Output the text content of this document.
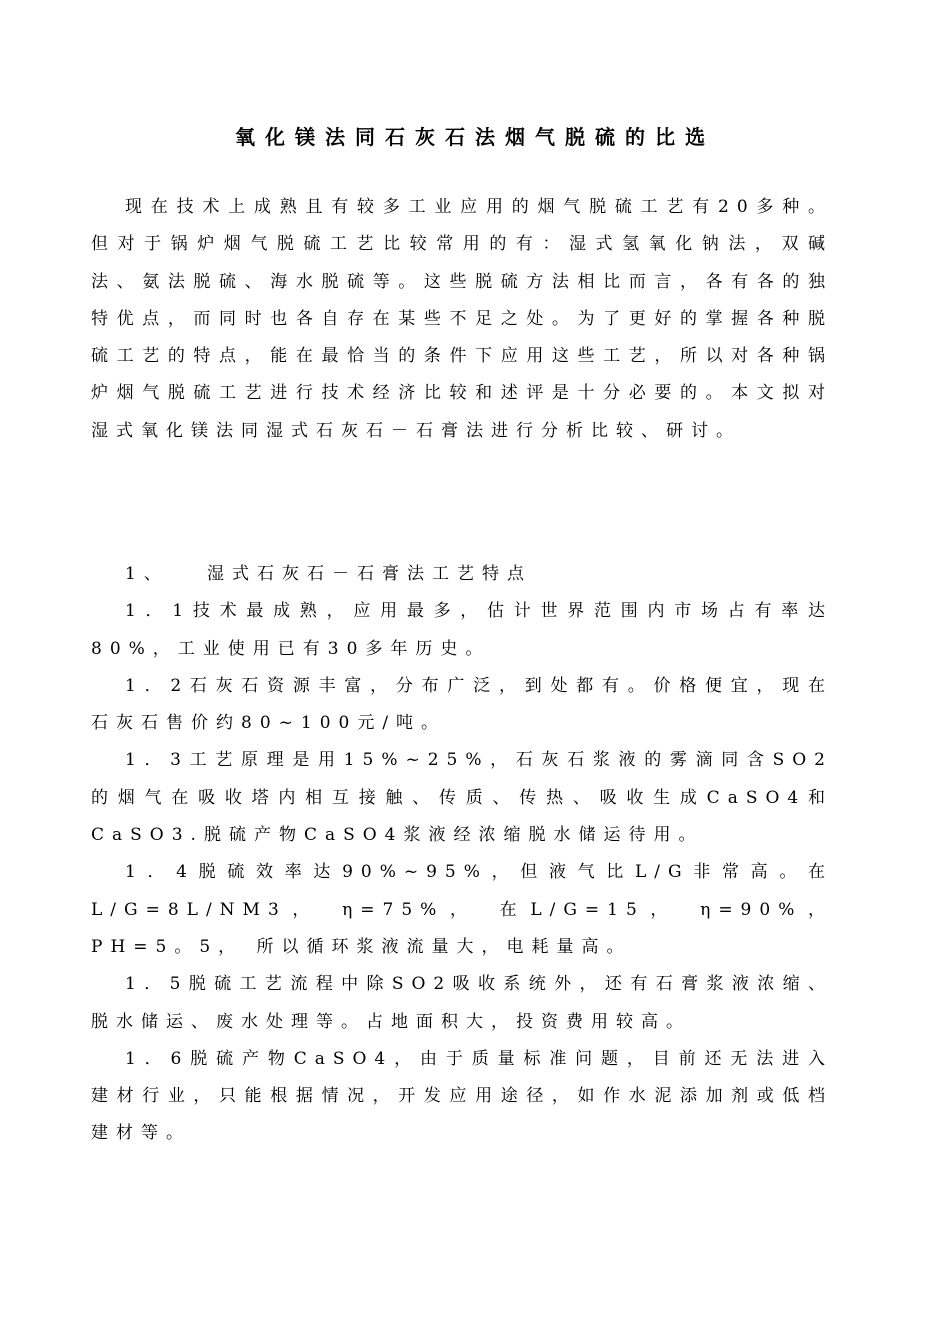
氧化镁法同石灰石法烟气脱硫的比选

现在技术上成熟且有较多工业应用的烟气脱硫工艺有20多种。但对于锅炉烟气脱硫工艺比较常用的有：湿式氢氧化钠法，双碱法、氨法脱硫、海水脱硫等。这些脱硫方法相比而言，各有各的独特优点，而同时也各自存在某些不足之处。为了更好的掌握各种脱硫工艺的特点，能在最恰当的条件下应用这些工艺，所以对各种锅炉烟气脱硫工艺进行技术经济比较和述评是十分必要的。本文拟对湿式氧化镁法同湿式石灰石－石膏法进行分析比较、研讨。

1、 湿式石灰石－石膏法工艺特点

1．1技术最成熟，应用最多，估计世界范围内市场占有率达80%，工业使用已有30多年历史。

1．2石灰石资源丰富，分布广泛，到处都有。价格便宜，现在石灰石售价约80~100元/吨。

1．3工艺原理是用15%~25%，石灰石浆液的雾滴同含SO2的烟气在吸收塔内相互接触、传质、传热、吸收生成CaSO4和CaSO3.脱硫产物CaSO4浆液经浓缩脱水储运待用。

1．4脱硫效率达90%~95%，但液气比L/G非常高。在L/G=8L/NM3， η=75%， 在L/G=15， η=90%， PH=5。5， 所以循环浆液流量大，电耗量高。

1．5脱硫工艺流程中除SO2吸收系统外，还有石膏浆液浓缩、脱水储运、废水处理等。占地面积大，投资费用较高。

1．6脱硫产物CaSO4，由于质量标准问题，目前还无法进入建材行业，只能根据情况，开发应用途径，如作水泥添加剂或低档建材等。
